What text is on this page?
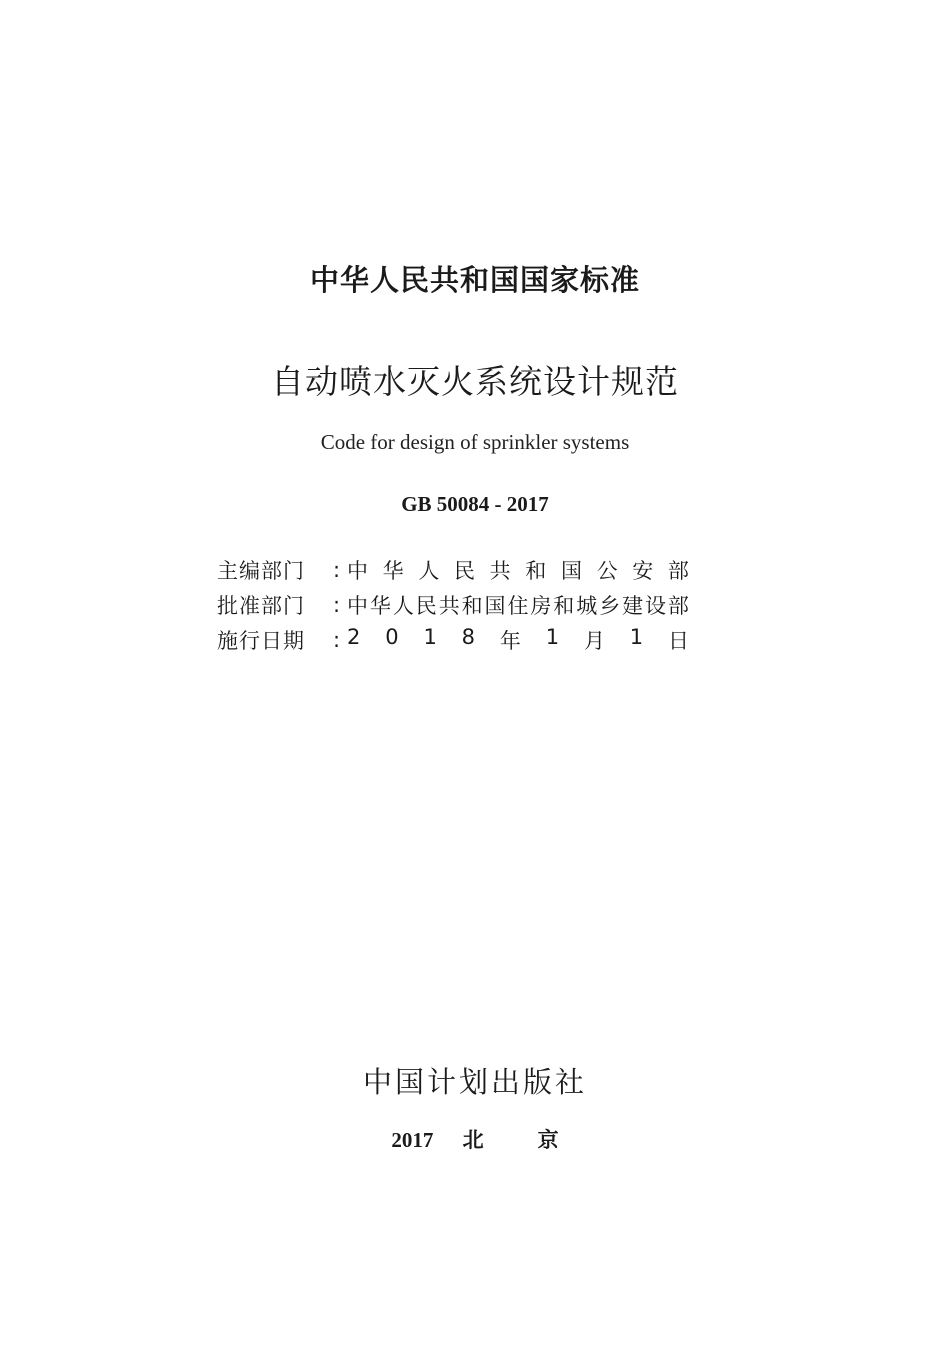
中华人民共和国国家标准
自动喷水灭火系统设计规范
Code for design of sprinkler systems
GB 50084 - 2017
主编部门	: 中 华 人 民 共 和 国 公 安 部
批准部门	: 中 华 人 民 共 和 国 住 房 和 城 乡 建 设 部
施行日期	: 2 0 1 8 年 1 月 1 日
中国计划出版社
2017 北京
